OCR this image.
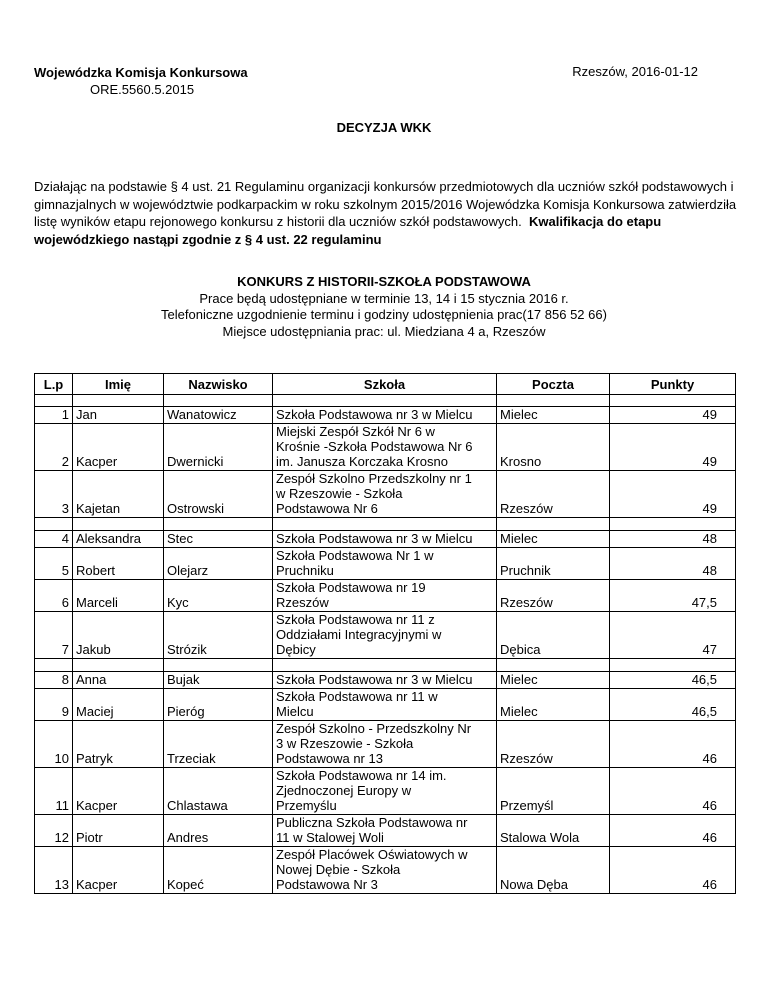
Wojewódzka Komisja Konkursowa
ORE.5560.5.2015
Rzeszów, 2016-01-12
DECYZJA WKK
Działając na podstawie § 4 ust. 21 Regulaminu organizacji konkursów przedmiotowych dla uczniów szkół podstawowych i gimnazjalnych w województwie podkarpackim w roku szkolnym 2015/2016 Wojewódzka Komisja Konkursowa zatwierdziła listę wyników etapu rejonowego konkursu z historii dla uczniów szkół podstawowych. Kwalifikacja do etapu wojewódzkiego nastąpi zgodnie z § 4 ust. 22 regulaminu
KONKURS Z HISTORII-SZKOŁA PODSTAWOWA
Prace będą udostępniane w terminie 13, 14 i 15 stycznia 2016 r.
Telefoniczne uzgodnienie terminu i godziny udostępnienia prac(17 856 52 66)
Miejsce udostępniania prac: ul. Miedziana 4 a, Rzeszów
L.p	Imię	Nazwisko	Szkoła	Poczta	Punkty

1	Jan	Wanatowicz	Szkoła Podstawowa nr 3 w Mielcu	Mielec	49
2	Kacper	Dwernicki	Miejski Zespół Szkół Nr 6 w
Krośnie -Szkoła Podstawowa Nr 6
im. Janusza Korczaka Krosno	Krosno	49
3	Kajetan	Ostrowski	Zespół Szkolno Przedszkolny nr 1
w Rzeszowie - Szkoła
Podstawowa Nr 6	Rzeszów	49

4	Aleksandra	Stec	Szkoła Podstawowa nr 3 w Mielcu	Mielec	48
5	Robert	Olejarz	Szkoła Podstawowa Nr 1 w
Pruchniku	Pruchnik	48
6	Marceli	Kyc	Szkoła Podstawowa nr 19
Rzeszów	Rzeszów	47,5
7	Jakub	Strózik	Szkoła Podstawowa nr 11 z
Oddziałami Integracyjnymi w
Dębicy	Dębica	47

8	Anna	Bujak	Szkoła Podstawowa nr 3 w Mielcu	Mielec	46,5
9	Maciej	Pieróg	Szkoła Podstawowa nr 11 w
Mielcu	Mielec	46,5
10	Patryk	Trzeciak	Zespół Szkolno - Przedszkolny Nr
3 w Rzeszowie - Szkoła
Podstawowa nr 13	Rzeszów	46
11	Kacper	Chlastawa	Szkoła Podstawowa nr 14 im.
Zjednoczonej Europy w
Przemyślu	Przemyśl	46
12	Piotr	Andres	Publiczna Szkoła Podstawowa nr
11 w Stalowej Woli	Stalowa Wola	46
13	Kacper	Kopeć	Zespół Placówek Oświatowych w
Nowej Dębie - Szkoła
Podstawowa Nr 3	Nowa Dęba	46
